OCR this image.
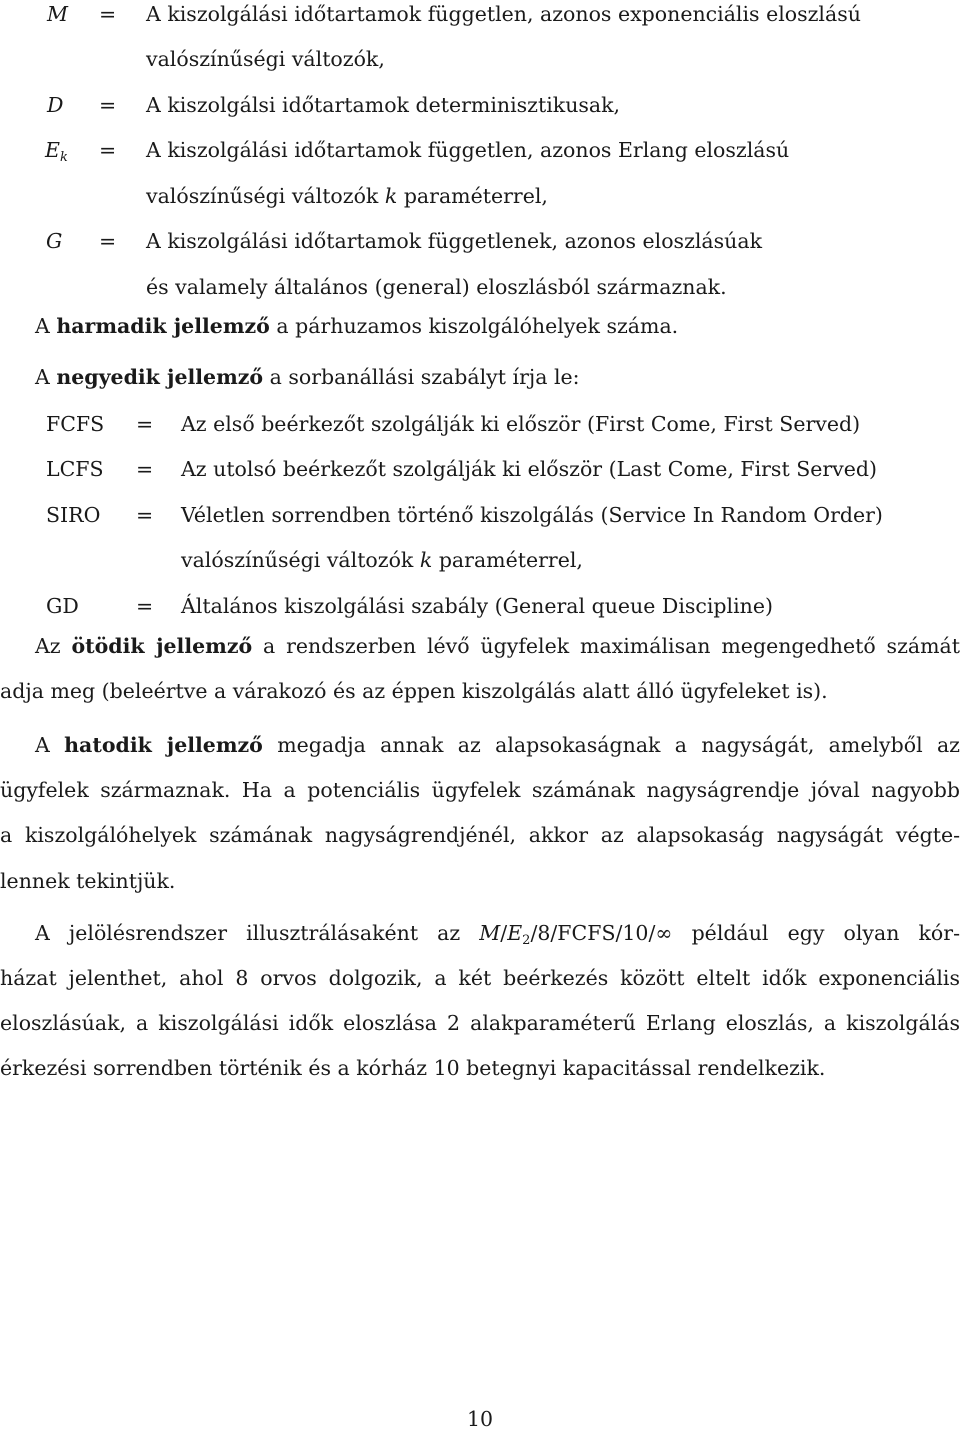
M = A kiszolgálási időtartamok független, azonos exponenciális eloszlású
valószínűségi változók,
D = A kiszolgálsi időtartamok determinisztikusak,
$E_k = A$ kiszolgálási időtartamok független, azonos Erlang eloszlású
valószínűségi változók k paraméterrel,
G = A kiszolgálási időtartamok függetlenek, azonos eloszlásúak
és valamely általános (general) eloszlásból származnak.

A harmadik jellemző a párhuzamos kiszolgálóhelyek száma.

A negyedik jellemző a sorbanállási szabályt írja le:

FCFS = Az első beérkezőt szolgálják ki először (First Come, First Served)
LCFS = Az utolsó beérkezőt szolgálják ki először (Last Come, First Served)
SIRO = Véletlen sorrendben történő kiszolgálás (Service In Random Order)
valószínűségi változók k paraméterrel,
GD	= Általános kiszolgálási szabály (General queue Discipline)

Az ötödik jellemző a rendszerben lévő ügyfelek maximálisan megengedhető számát

adja meg (beleértve a várakozó és az éppen kiszolgálás alatt álló ügyfeleket is).

A hatodik jellemző megadja annak az alapsokaságnak a nagyságát, amelyből az

ügyfelek származnak. Ha a potenciális ügyfelek számának nagyságrendje jóval nagyobb

a kiszolgálóhelyek számának nagyságrendjénél, akkor az alapsokaság nagyságát végte-

lennek tekintjük.

A jelölésrendszer illusztrálásaként az $M/E_2/8/FCFS/10/\infty$ például egy olyan kór-

házat jelenthet, ahol 8 orvos dolgozik, a két beérkezés között eltelt idők exponenciális

eloszlásúak, a kiszolgálási idők eloszlása 2 alakparaméterű Erlang eloszlás, a kiszolgálás

érkezési sorrendben történik és a kórház 10 betegnyi kapacitással rendelkezik.

10
